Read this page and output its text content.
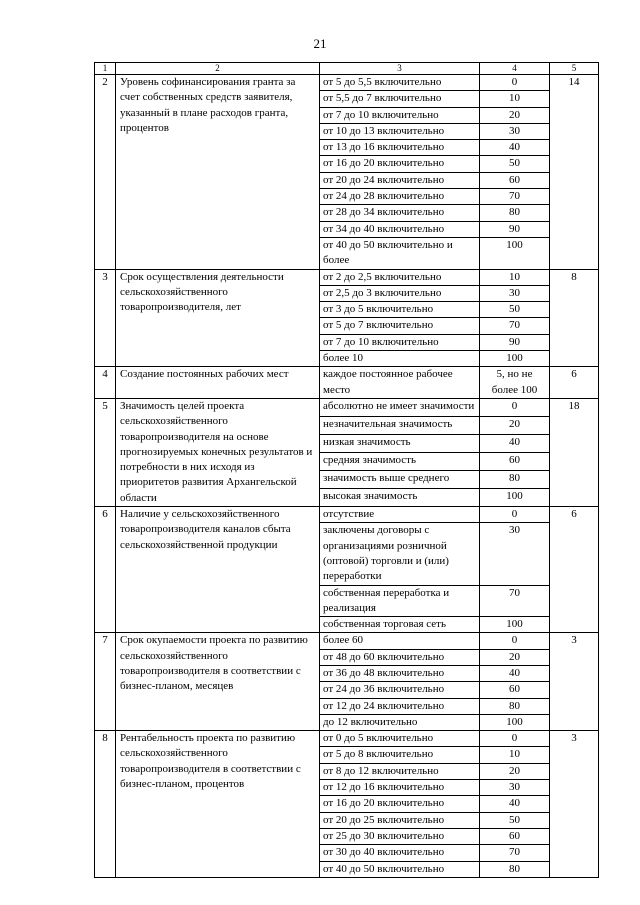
21
1	2	3	4	5
2	Уровень софинансирования гранта за счет собственных средств заявителя, указанный в плане расходов гранта, процентов	от 5 до 5,5 включительно	0	14
		от 5,5 до 7 включительно	10	
		от 7 до 10 включительно	20	
		от 10 до 13 включительно	30	
		от 13 до 16 включительно	40	
		от 16 до 20 включительно	50	
		от 20 до 24 включительно	60	
		от 24 до 28 включительно	70	
		от 28 до 34 включительно	80	
		от 34 до 40 включительно	90	
		от 40 до 50 включительно и более	100	
3	Срок осуществления деятельности сельскохозяйственного товаропроизводителя, лет	от 2 до 2,5 включительно	10	8
		от 2,5 до 3 включительно	30	
		от 3 до 5 включительно	50	
		от 5 до 7 включительно	70	
		от 7 до 10 включительно	90	
		более 10	100	
4	Создание постоянных рабочих мест	каждое постоянное рабочее место	5, но не более 100	6
5	Значимость целей проекта сельскохозяйственного товаропроизводителя на основе прогнозируемых конечных результатов и потребности в них исходя из приоритетов развития Архангельской области	абсолютно не имеет значимости	0	18
		незначительная значимость	20	
		низкая значимость	40	
		средняя значимость	60	
		значимость выше среднего	80	
		высокая значимость	100	
6	Наличие у сельскохозяйственного товаропроизводителя каналов сбыта сельскохозяйственной продукции	отсутствие	0	6
		заключены договоры с организациями розничной (оптовой) торговли и (или) переработки	30	
		собственная переработка и реализация	70	
		собственная торговая сеть	100	
7	Срок окупаемости проекта по развитию сельскохозяйственного товаропроизводителя в соответствии с бизнес-планом, месяцев	более 60	0	3
		от 48 до 60 включительно	20	
		от 36 до 48 включительно	40	
		от 24 до 36 включительно	60	
		от 12 до 24 включительно	80	
		до 12 включительно	100	
8	Рентабельность проекта по развитию сельскохозяйственного товаропроизводителя в соответствии с бизнес-планом, процентов	от 0 до 5 включительно	0	3
		от 5 до 8 включительно	10	
		от 8 до 12 включительно	20	
		от 12 до 16 включительно	30	
		от 16 до 20 включительно	40	
		от 20 до 25 включительно	50	
		от 25 до 30 включительно	60	
		от 30 до 40 включительно	70	
		от 40 до 50 включительно	80	
